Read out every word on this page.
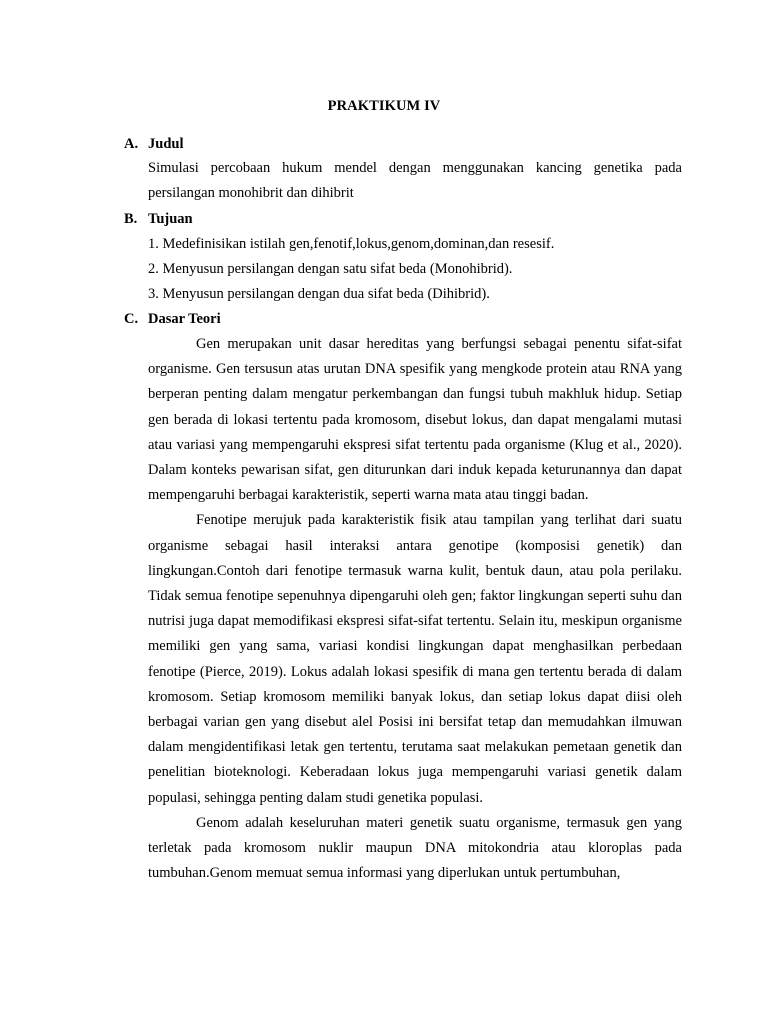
PRAKTIKUM IV
A. Judul

Simulasi percobaan hukum mendel dengan menggunakan kancing genetika pada persilangan monohibrit dan dihibrit

B. Tujuan
1. Medefinisikan istilah gen,fenotif,lokus,genom,dominan,dan resesif.
2. Menyusun persilangan dengan satu sifat beda (Monohibrid).
3. Menyusun persilangan dengan dua sifat beda (Dihibrid).
C. Dasar Teori

Gen merupakan unit dasar hereditas yang berfungsi sebagai penentu sifat-sifat organisme. Gen tersusun atas urutan DNA spesifik yang mengkode protein atau RNA yang berperan penting dalam mengatur perkembangan dan fungsi tubuh makhluk hidup. Setiap gen berada di lokasi tertentu pada kromosom, disebut lokus, dan dapat mengalami mutasi atau variasi yang mempengaruhi ekspresi sifat tertentu pada organisme (Klug et al., 2020). Dalam konteks pewarisan sifat, gen diturunkan dari induk kepada keturunannya dan dapat mempengaruhi berbagai karakteristik, seperti warna mata atau tinggi badan.

Fenotipe merujuk pada karakteristik fisik atau tampilan yang terlihat dari suatu organisme sebagai hasil interaksi antara genotipe (komposisi genetik) dan lingkungan.Contoh dari fenotipe termasuk warna kulit, bentuk daun, atau pola perilaku. Tidak semua fenotipe sepenuhnya dipengaruhi oleh gen; faktor lingkungan seperti suhu dan nutrisi juga dapat memodifikasi ekspresi sifat-sifat tertentu. Selain itu, meskipun organisme memiliki gen yang sama, variasi kondisi lingkungan dapat menghasilkan perbedaan fenotipe (Pierce, 2019). Lokus adalah lokasi spesifik di mana gen tertentu berada di dalam kromosom. Setiap kromosom memiliki banyak lokus, dan setiap lokus dapat diisi oleh berbagai varian gen yang disebut alel Posisi ini bersifat tetap dan memudahkan ilmuwan dalam mengidentifikasi letak gen tertentu, terutama saat melakukan pemetaan genetik dan penelitian bioteknologi. Keberadaan lokus juga mempengaruhi variasi genetik dalam populasi, sehingga penting dalam studi genetika populasi.

Genom adalah keseluruhan materi genetik suatu organisme, termasuk gen yang terletak pada kromosom nuklir maupun DNA mitokondria atau kloroplas pada tumbuhan.Genom memuat semua informasi yang diperlukan untuk pertumbuhan,
